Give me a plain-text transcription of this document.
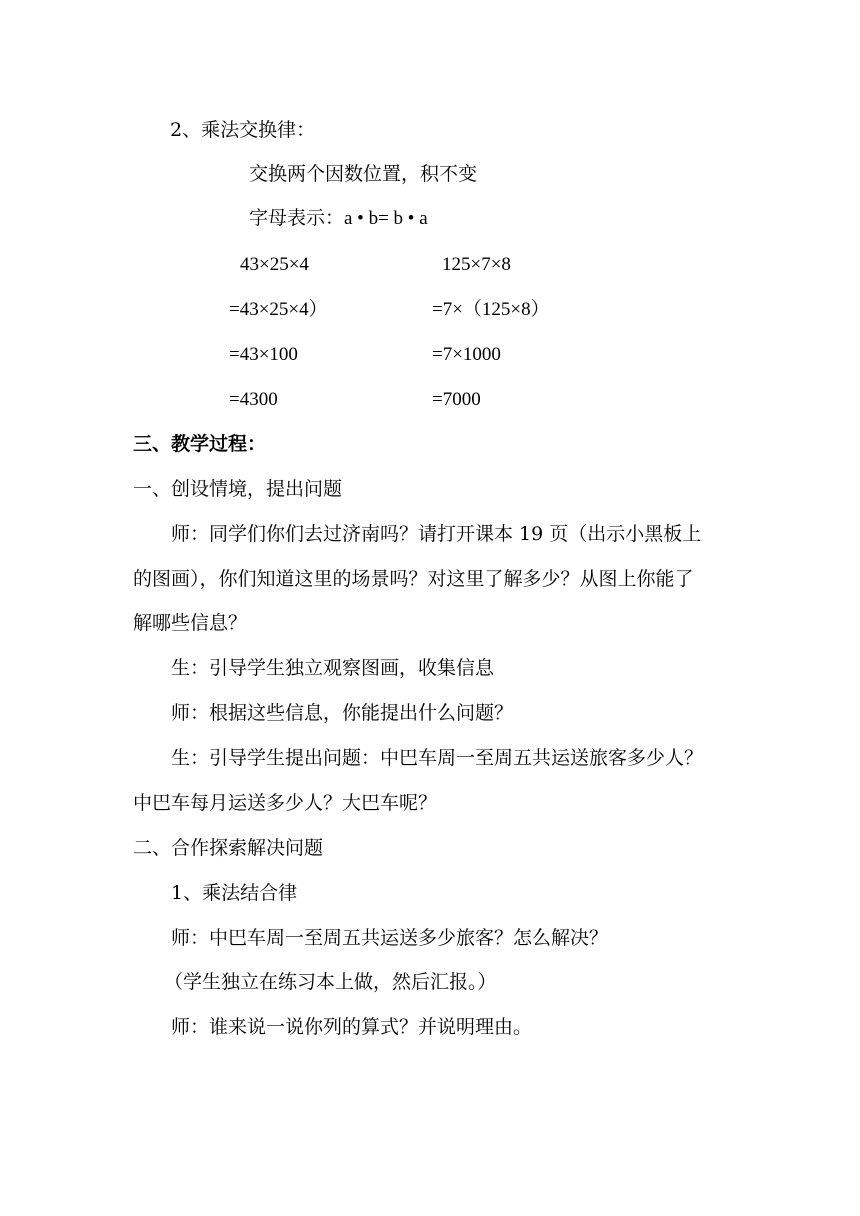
2、乘法交换律：
交换两个因数位置，积不变
字母表示：a • b= b • a
43×25×4	125×7×8
=43×25×4）	=7×（125×8）
=43×100	=7×1000
=4300	=7000
三、教学过程：
一、创设情境，提出问题
师：同学们你们去过济南吗？请打开课本 19 页（出示小黑板上
的图画），你们知道这里的场景吗？对这里了解多少？从图上你能了
解哪些信息？
生：引导学生独立观察图画，收集信息
师：根据这些信息，你能提出什么问题？
生：引导学生提出问题：中巴车周一至周五共运送旅客多少人？
中巴车每月运送多少人？大巴车呢？
二、合作探索解决问题
1、乘法结合律
师：中巴车周一至周五共运送多少旅客？怎么解决？
（学生独立在练习本上做，然后汇报。）
师：谁来说一说你列的算式？并说明理由。
